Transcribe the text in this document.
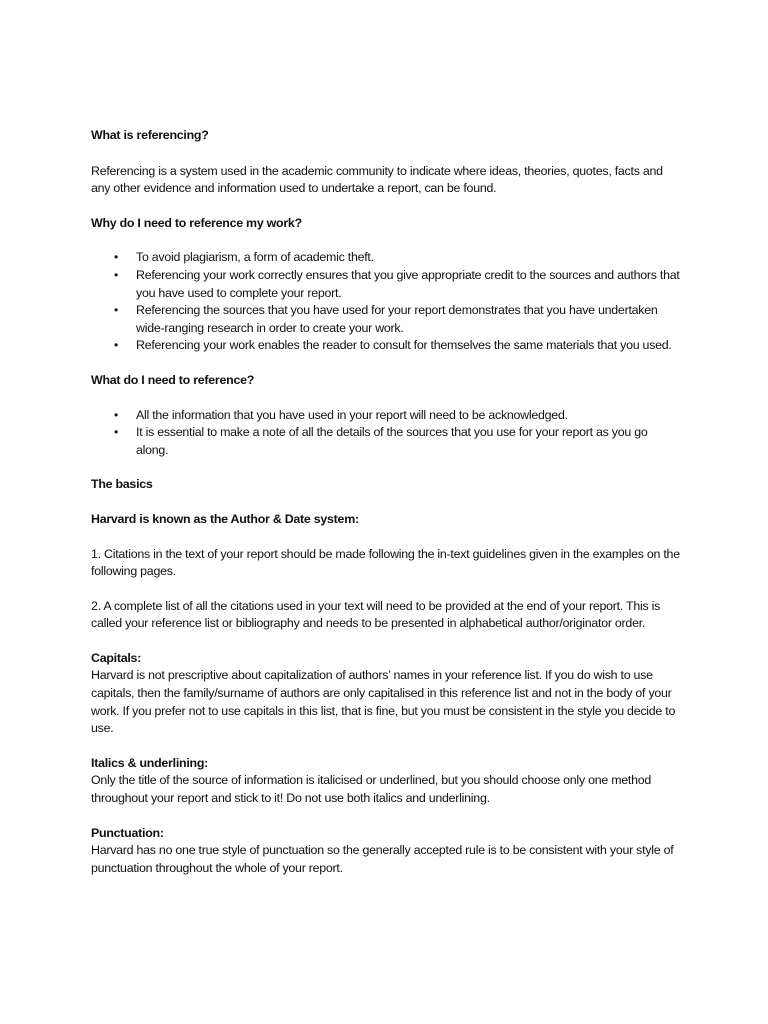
What is referencing?

Referencing is a system used in the academic community to indicate where ideas, theories, quotes, facts and any other evidence and information used to undertake a report, can be found.

Why do I need to reference my work?

• To avoid plagiarism, a form of academic theft.
• Referencing your work correctly ensures that you give appropriate credit to the sources and authors that you have used to complete your report.
• Referencing the sources that you have used for your report demonstrates that you have undertaken wide-ranging research in order to create your work.
• Referencing your work enables the reader to consult for themselves the same materials that you used.

What do I need to reference?

• All the information that you have used in your report will need to be acknowledged.
• It is essential to make a note of all the details of the sources that you use for your report as you go along.

The basics

Harvard is known as the Author & Date system:

1. Citations in the text of your report should be made following the in-text guidelines given in the examples on the following pages.

2. A complete list of all the citations used in your text will need to be provided at the end of your report. This is called your reference list or bibliography and needs to be presented in alphabetical author/originator order.

Capitals:

Harvard is not prescriptive about capitalization of authors’ names in your reference list. If you do wish to use capitals, then the family/surname of authors are only capitalised in this reference list and not in the body of your work. If you prefer not to use capitals in this list, that is fine, but you must be consistent in the style you decide to use.

Italics & underlining:

Only the title of the source of information is italicised or underlined, but you should choose only one method throughout your report and stick to it! Do not use both italics and underlining.

Punctuation:

Harvard has no one true style of punctuation so the generally accepted rule is to be consistent with your style of punctuation throughout the whole of your report.
